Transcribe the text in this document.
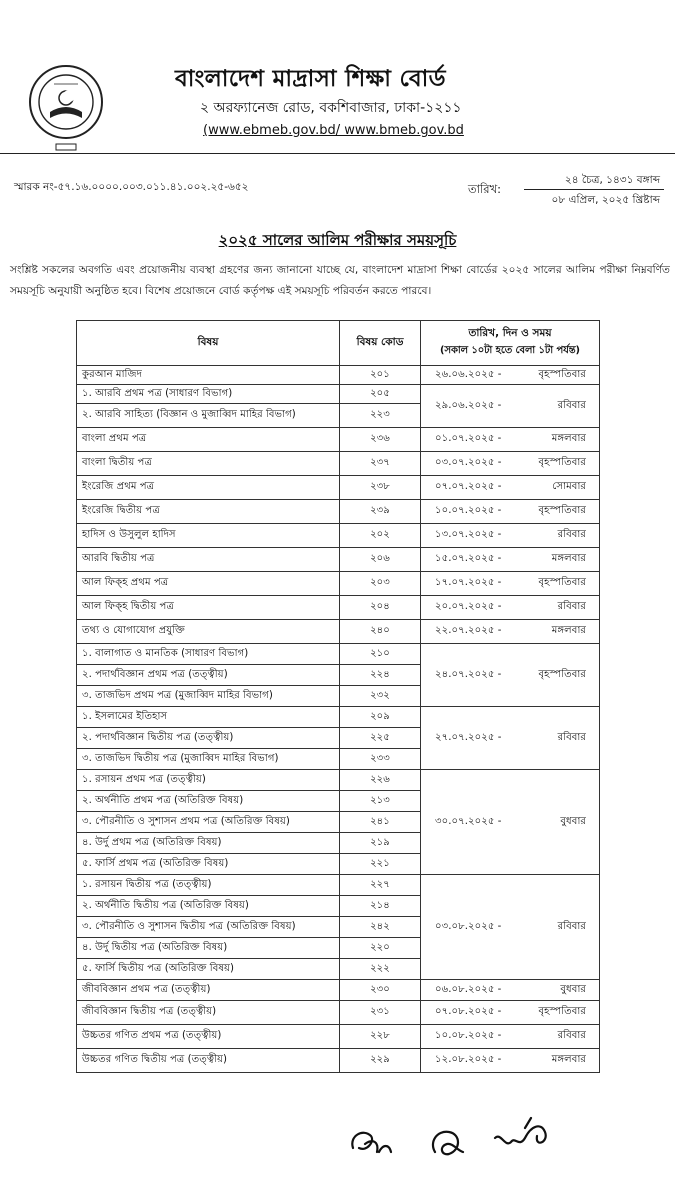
বাংলাদেশ মাদ্রাসা শিক্ষা বোর্ড
২ অরফ্যানেজ রোড, বকশিবাজার, ঢাকা-১২১১
(www.ebmeb.gov.bd/ www.bmeb.gov.bd
স্মারক নং-৫৭.১৬.০০০০.০০৩.০১১.৪১.০০২.২৫-৬৫২	তারিখ:
২৪ চৈত্র, ১৪৩১ বঙ্গাব্দ
০৮ এপ্রিল, ২০২৫ খ্রিষ্টাব্দ
২০২৫ সালের আলিম পরীক্ষার সময়সূচি
সংশ্লিষ্ট সকলের অবগতি এবং প্রয়োজনীয় ব্যবস্থা গ্রহণের জন্য জানানো যাচ্ছে যে, বাংলাদেশ মাদ্রাসা শিক্ষা বোর্ডের ২০২৫ সালের আলিম পরীক্ষা নিম্নবর্ণিত সময়সূচি অনুযায়ী অনুষ্ঠিত হবে। বিশেষ প্রয়োজনে বোর্ড কর্তৃপক্ষ এই সময়সূচি পরিবর্তন করতে পারবে।
বিষয়	বিষয় কোড	তারিখ, দিন ও সময়
(সকাল ১০টা হতে বেলা ১টা পর্যন্ত)

কুরআন মাজিদ	২০১	২৬.০৬.২০২৫ - বৃহস্পতিবার

১. আরবি প্রথম পত্র (সাধারণ বিভাগ)	২০৫	২৯.০৬.২০২৫ - রবিবার

২. আরবি সাহিত্য (বিজ্ঞান ও মুজাব্বিদ মাহির বিভাগ)	২২৩	
বাংলা প্রথম পত্র	২৩৬	০১.০৭.২০২৫ - মঙ্গলবার

বাংলা দ্বিতীয় পত্র	২৩৭	০৩.০৭.২০২৫ - বৃহস্পতিবার

ইংরেজি প্রথম পত্র	২৩৮	০৭.০৭.২০২৫ - সোমবার

ইংরেজি দ্বিতীয় পত্র	২৩৯	১০.০৭.২০২৫ - বৃহস্পতিবার

হাদিস ও উসুলুল হাদিস	২০২	১৩.০৭.২০২৫ - রবিবার

আরবি দ্বিতীয় পত্র	২০৬	১৫.০৭.২০২৫ - মঙ্গলবার

আল ফিক্হ প্রথম পত্র	২০৩	১৭.০৭.২০২৫ - বৃহস্পতিবার

আল ফিক্হ দ্বিতীয় পত্র	২০৪	২০.০৭.২০২৫ - রবিবার

তথ্য ও যোগাযোগ প্রযুক্তি	২৪০	২২.০৭.২০২৫ - মঙ্গলবার

১. বালাগাত ও মানতিক (সাধারণ বিভাগ)	২১০	২৪.০৭.২০২৫ - বৃহস্পতিবার

২. পদার্থবিজ্ঞান প্রথম পত্র (তত্ত্বীয়)	২২৪	
৩. তাজভিদ প্রথম পত্র (মুজাব্বিদ মাহির বিভাগ)	২৩২	
১. ইসলামের ইতিহাস	২০৯	২৭.০৭.২০২৫ - রবিবার

২. পদার্থবিজ্ঞান দ্বিতীয় পত্র (তত্ত্বীয়)	২২৫	
৩. তাজভিদ দ্বিতীয় পত্র (মুজাব্বিদ মাহির বিভাগ)	২৩৩	
১. রসায়ন প্রথম পত্র (তত্ত্বীয়)	২২৬	৩০.০৭.২০২৫ - বুধবার

২. অর্থনীতি প্রথম পত্র (অতিরিক্ত বিষয়)	২১৩	
৩. পৌরনীতি ও সুশাসন প্রথম পত্র (অতিরিক্ত বিষয়)	২৪১	
৪. উর্দু প্রথম পত্র (অতিরিক্ত বিষয়)	২১৯	
৫. ফার্সি প্রথম পত্র (অতিরিক্ত বিষয়)	২২১	
১. রসায়ন দ্বিতীয় পত্র (তত্ত্বীয়)	২২৭	০৩.০৮.২০২৫ - রবিবার

২. অর্থনীতি দ্বিতীয় পত্র (অতিরিক্ত বিষয়)	২১৪	
৩. পৌরনীতি ও সুশাসন দ্বিতীয় পত্র (অতিরিক্ত বিষয়)	২৪২	
৪. উর্দু দ্বিতীয় পত্র (অতিরিক্ত বিষয়)	২২০	
৫. ফার্সি দ্বিতীয় পত্র (অতিরিক্ত বিষয়)	২২২	
জীববিজ্ঞান প্রথম পত্র (তত্ত্বীয়)	২৩০	০৬.০৮.২০২৫ - বুধবার

জীববিজ্ঞান দ্বিতীয় পত্র (তত্ত্বীয়)	২৩১	০৭.০৮.২০২৫ - বৃহস্পতিবার

উচ্চতর গণিত প্রথম পত্র (তত্ত্বীয়)	২২৮	১০.০৮.২০২৫ - রবিবার

উচ্চতর গণিত দ্বিতীয় পত্র (তত্ত্বীয়)	২২৯	১২.০৮.২০২৫ - মঙ্গলবার
